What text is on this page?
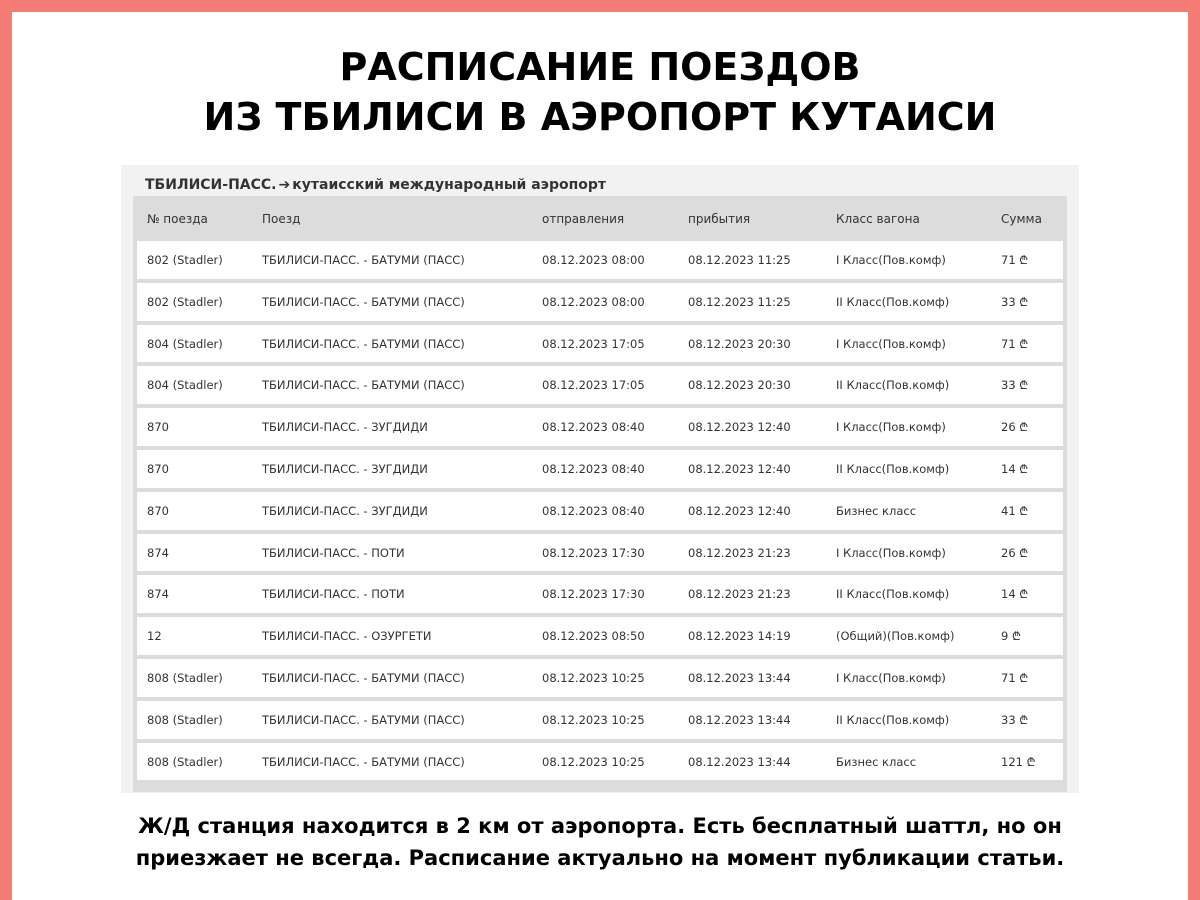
РАСПИСАНИЕ ПОЕЗДОВ
ИЗ ТБИЛИСИ В АЭРОПОРТ КУТАИСИ
ТБИЛИСИ-ПАСС. ➔ кутаисский международный аэропорт
№ поезда	Поезд	отправления	прибытия	Класс вагона	Сумма
802 (Stadler)	ТБИЛИСИ-ПАСС. - БАТУМИ (ПАСС)	08.12.2023 08:00	08.12.2023 11:25	I Класс(Пов.комф)	71 ₾
802 (Stadler)	ТБИЛИСИ-ПАСС. - БАТУМИ (ПАСС)	08.12.2023 08:00	08.12.2023 11:25	II Класс(Пов.комф)	33 ₾
804 (Stadler)	ТБИЛИСИ-ПАСС. - БАТУМИ (ПАСС)	08.12.2023 17:05	08.12.2023 20:30	I Класс(Пов.комф)	71 ₾
804 (Stadler)	ТБИЛИСИ-ПАСС. - БАТУМИ (ПАСС)	08.12.2023 17:05	08.12.2023 20:30	II Класс(Пов.комф)	33 ₾
870	ТБИЛИСИ-ПАСС. - ЗУГДИДИ	08.12.2023 08:40	08.12.2023 12:40	I Класс(Пов.комф)	26 ₾
870	ТБИЛИСИ-ПАСС. - ЗУГДИДИ	08.12.2023 08:40	08.12.2023 12:40	II Класс(Пов.комф)	14 ₾
870	ТБИЛИСИ-ПАСС. - ЗУГДИДИ	08.12.2023 08:40	08.12.2023 12:40	Бизнес класс	41 ₾
874	ТБИЛИСИ-ПАСС. - ПОТИ	08.12.2023 17:30	08.12.2023 21:23	I Класс(Пов.комф)	26 ₾
874	ТБИЛИСИ-ПАСС. - ПОТИ	08.12.2023 17:30	08.12.2023 21:23	II Класс(Пов.комф)	14 ₾
12	ТБИЛИСИ-ПАСС. - ОЗУРГЕТИ	08.12.2023 08:50	08.12.2023 14:19	(Общий)(Пов.комф)	9 ₾
808 (Stadler)	ТБИЛИСИ-ПАСС. - БАТУМИ (ПАСС)	08.12.2023 10:25	08.12.2023 13:44	I Класс(Пов.комф)	71 ₾
808 (Stadler)	ТБИЛИСИ-ПАСС. - БАТУМИ (ПАСС)	08.12.2023 10:25	08.12.2023 13:44	II Класс(Пов.комф)	33 ₾
808 (Stadler)	ТБИЛИСИ-ПАСС. - БАТУМИ (ПАСС)	08.12.2023 10:25	08.12.2023 13:44	Бизнес класс	121 ₾
Ж/Д станция находится в 2 км от аэропорта. Есть бесплатный шаттл, но он
приезжает не всегда. Расписание актуально на момент публикации статьи.
